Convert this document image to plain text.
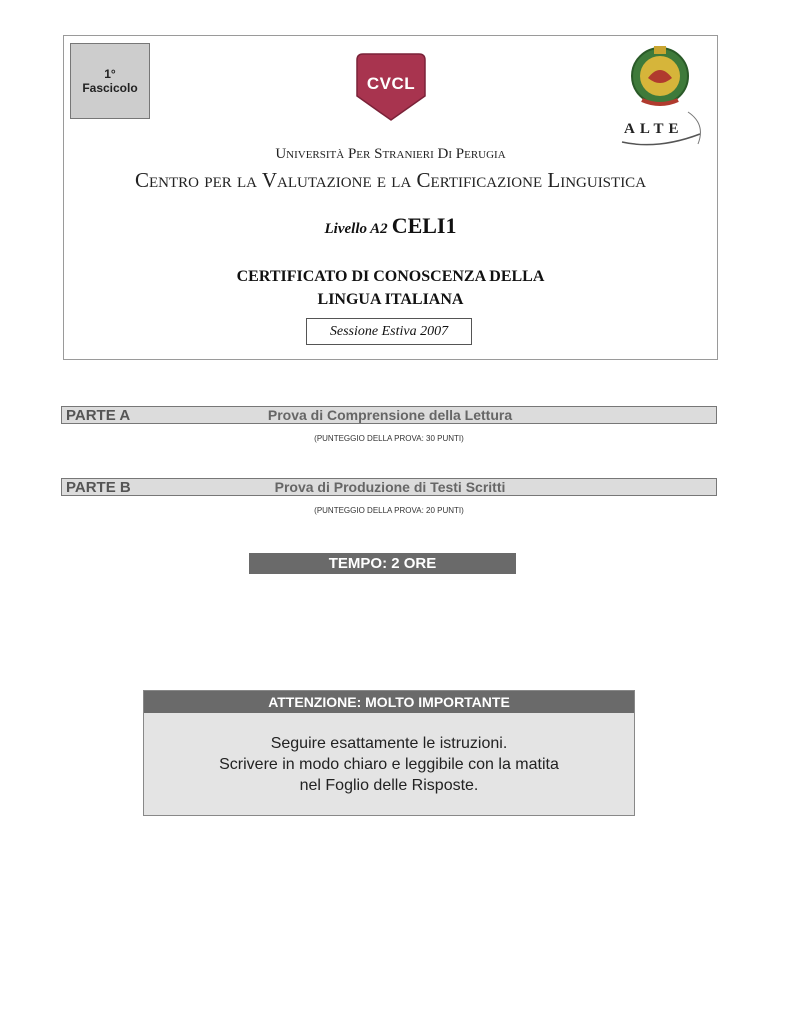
1°
Fascicolo	CVCL
ALTE
Università Per Stranieri Di Perugia
Centro per la Valutazione e la Certificazione Linguistica
Livello A2 CELI1
CERTIFICATO DI CONOSCENZA DELLA
LINGUA ITALIANA
Sessione Estiva 2007
PARTE A	Prova di Comprensione della Lettura
(PUNTEGGIO DELLA PROVA: 30 PUNTI)
PARTE B	Prova di Produzione di Testi Scritti
(PUNTEGGIO DELLA PROVA: 20 PUNTI)
TEMPO: 2 ORE
ATTENZIONE: MOLTO IMPORTANTE
Seguire esattamente le istruzioni.
Scrivere in modo chiaro e leggibile con la matita
nel Foglio delle Risposte.
